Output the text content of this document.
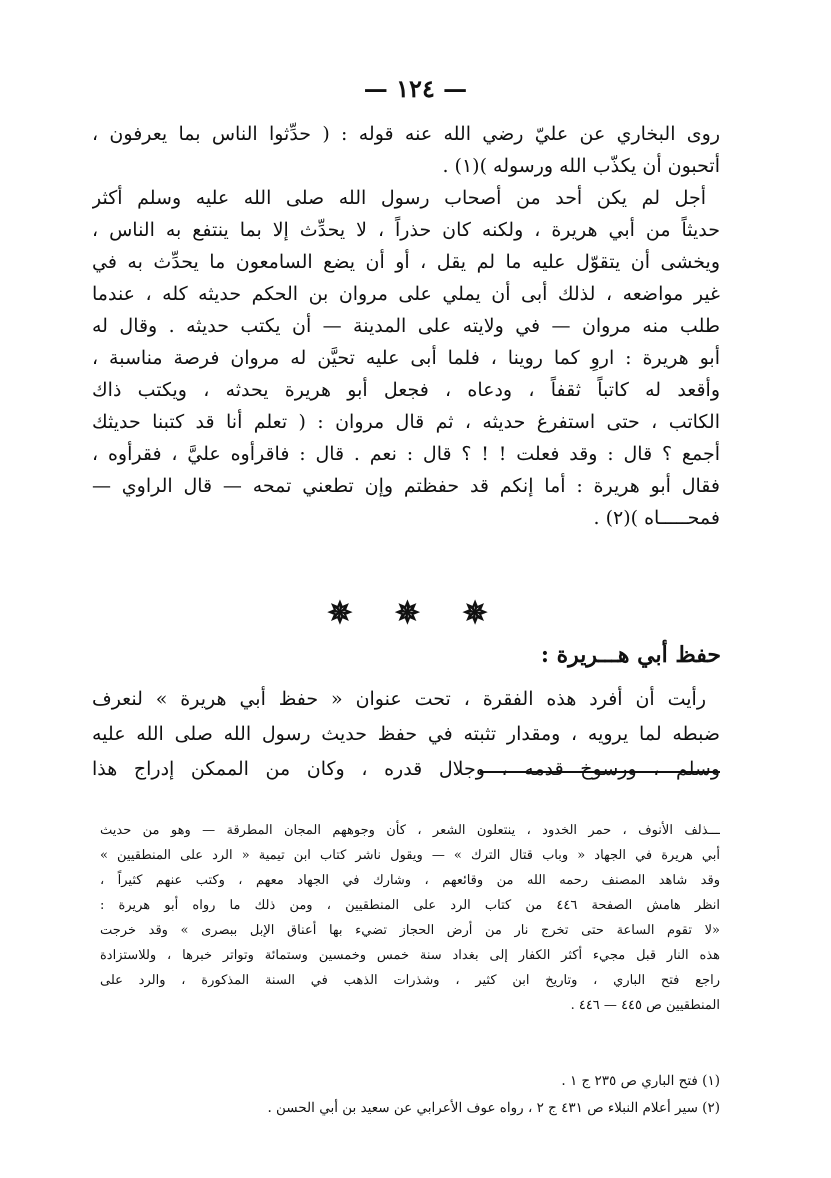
— ١٢٤ —
روى البخاري عن عليّ رضي الله عنه قوله : ( حدِّثوا الناس بما يعرفون ،
أتحبون أن يكذّب الله ورسوله )(١) .
أجل لم يكن أحد من أصحاب رسول الله صلى الله عليه وسلم أكثر
حديثاً من أبي هريرة ، ولكنه كان حذراً ، لا يحدِّث إلا بما ينتفع به الناس ،
ويخشى أن يتقوّل عليه ما لم يقل ، أو أن يضع السامعون ما يحدِّث به في
غير مواضعه ، لذلك أبى أن يملي على مروان بن الحكم حديثه كله ، عندما
طلب منه مروان — في ولايته على المدينة — أن يكتب حديثه . وقال له
أبو هريرة : اروِ كما روينا ، فلما أبى عليه تحيَّن له مروان فرصة مناسبة ،
وأقعد له كاتباً ثقفاً ، ودعاه ، فجعل أبو هريرة يحدثه ، ويكتب ذاك
الكاتب ، حتى استفرغ حديثه ، ثم قال مروان : ( تعلم أنا قد كتبنا حديثك
أجمع ؟ قال : وقد فعلت ! ! ؟ قال : نعم . قال : فاقرأوه عليَّ ، فقرأوه ،
فقال أبو هريرة : أما إنكم قد حفظتم وإن تطعني تمحه — قال الراوي —
فمحـــــاه )(٢) .
✵ ✵ ✵
حفظ أبي هـــريرة :
رأيت أن أفرد هذه الفقرة ، تحت عنوان « حفظ أبي هريرة » لنعرف
ضبطه لما يرويه ، ومقدار تثبته في حفظ حديث رسول الله صلى الله عليه
وسلم ، ورسوخ قدمه ، وجلال قدره ، وكان من الممكن إدراج هذا
ـــذلف الأنوف ، حمر الخدود ، ينتعلون الشعر ، كأن وجوههم المجان المطرقة — وهو من حديث
أبي هريرة في الجهاد « وباب قتال الترك » — ويقول ناشر كتاب ابن تيمية « الرد على المنطقيين »
وقد شاهد المصنف رحمه الله من وقائعهم ، وشارك في الجهاد معهم ، وكتب عنهم كثيراً ،
انظر هامش الصفحة ٤٤٦ من كتاب الرد على المنطقيين ، ومن ذلك ما رواه أبو هريرة :
«لا تقوم الساعة حتى تخرج نار من أرض الحجاز تضيء بها أعناق الإبل ببصرى » وقد خرجت
هذه النار قبل مجيء أكثر الكفار إلى بغداد سنة خمس وخمسين وستمائة وتواتر خبرها ، وللاستزادة
راجع فتح الباري ، وتاريخ ابن كثير ، وشذرات الذهب في السنة المذكورة ، والرد على
المنطقيين ص ٤٤٥ — ٤٤٦ .
(١) فتح الباري ص ٢٣٥ ج ١ .
(٢) سير أعلام النبلاء ص ٤٣١ ج ٢ ، رواه عوف الأعرابي عن سعيد بن أبي الحسن .
